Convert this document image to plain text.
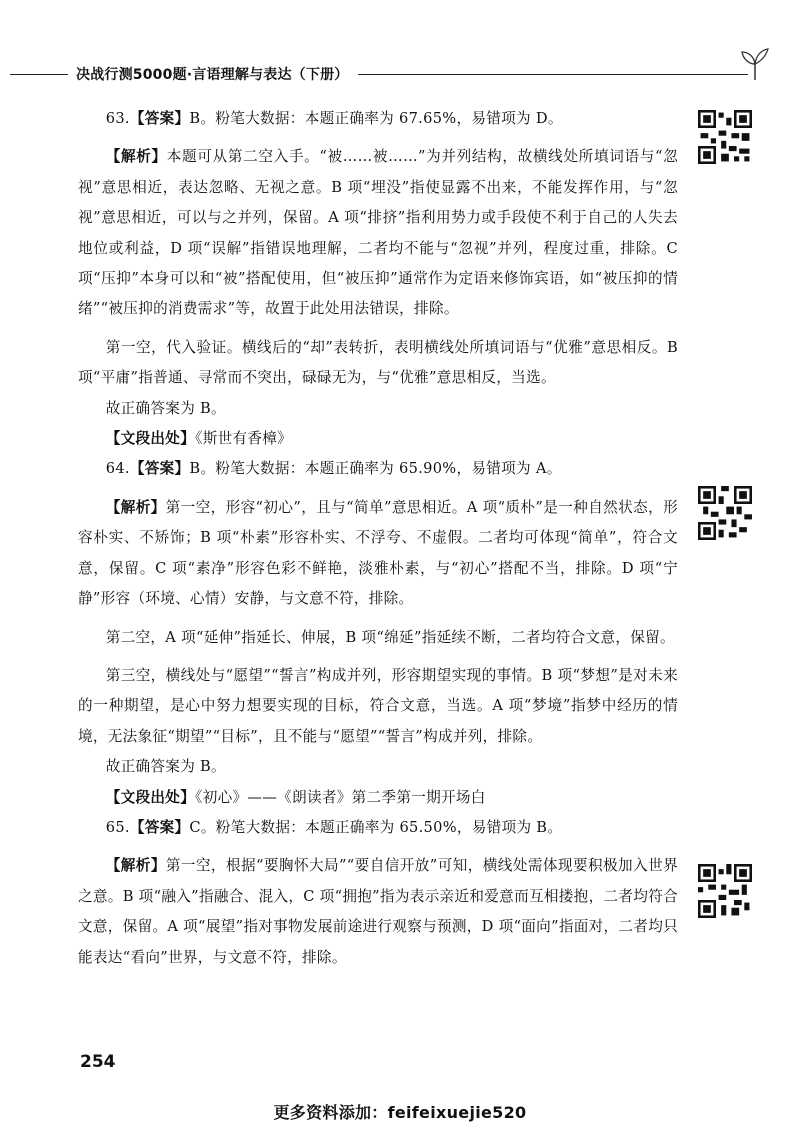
决战行测5000题·言语理解与表达（下册）

63.【答案】B。粉笔大数据：本题正确率为 67.65%，易错项为 D。

【解析】本题可从第二空入手。“被……被……”为并列结构，故横线处所填词语与“忽视”意思相近，表达忽略、无视之意。B 项“埋没”指使显露不出来，不能发挥作用，与“忽视”意思相近，可以与之并列，保留。A 项“排挤”指利用势力或手段使不利于自己的人失去地位或利益，D 项“误解”指错误地理解，二者均不能与“忽视”并列，程度过重，排除。C 项“压抑”本身可以和“被”搭配使用，但“被压抑”通常作为定语来修饰宾语，如“被压抑的情绪”“被压抑的消费需求”等，故置于此处用法错误，排除。

第一空，代入验证。横线后的“却”表转折，表明横线处所填词语与“优雅”意思相反。B 项“平庸”指普通、寻常而不突出，碌碌无为，与“优雅”意思相反，当选。

故正确答案为 B。

【文段出处】《斯世有香樟》

64.【答案】B。粉笔大数据：本题正确率为 65.90%，易错项为 A。

【解析】第一空，形容“初心”，且与“简单”意思相近。A 项“质朴”是一种自然状态，形容朴实、不矫饰；B 项“朴素”形容朴实、不浮夸、不虚假。二者均可体现“简单”，符合文意，保留。C 项“素净”形容色彩不鲜艳，淡雅朴素，与“初心”搭配不当，排除。D 项“宁静”形容（环境、心情）安静，与文意不符，排除。

第二空，A 项“延伸”指延长、伸展，B 项“绵延”指延续不断，二者均符合文意，保留。

第三空，横线处与“愿望”“誓言”构成并列，形容期望实现的事情。B 项“梦想”是对未来的一种期望，是心中努力想要实现的目标，符合文意，当选。A 项“梦境”指梦中经历的情境，无法象征“期望”“目标”，且不能与“愿望”“誓言”构成并列，排除。

故正确答案为 B。

【文段出处】《初心》——《朗读者》第二季第一期开场白

65.【答案】C。粉笔大数据：本题正确率为 65.50%，易错项为 B。

【解析】第一空，根据“要胸怀大局”“要自信开放”可知，横线处需体现要积极加入世界之意。B 项“融入”指融合、混入，C 项“拥抱”指为表示亲近和爱意而互相搂抱，二者均符合文意，保留。A 项“展望”指对事物发展前途进行观察与预测，D 项“面向”指面对，二者均只能表达“看向”世界，与文意不符，排除。

254
更多资料添加：feifeixuejie520
